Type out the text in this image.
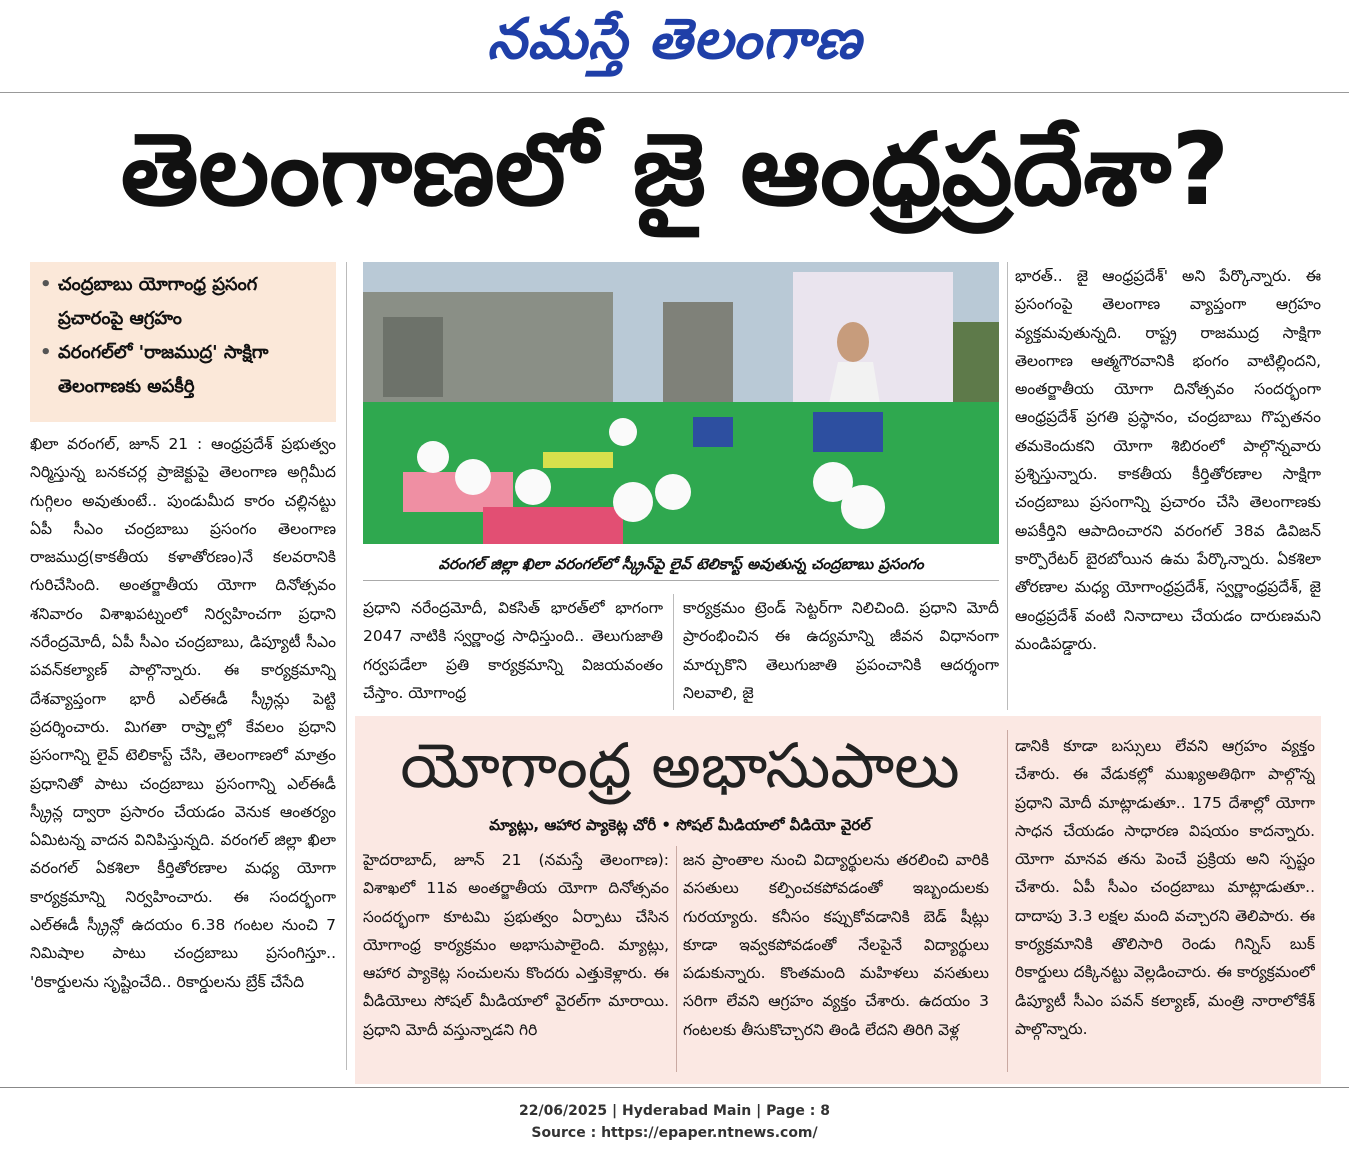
నమస్తే తెలంగాణ
తెలంగాణలో జై ఆంధ్రప్రదేశా?
• చంద్రబాబు యోగాంధ్ర ప్రసంగ ప్రచారంపై ఆగ్రహం
• వరంగల్‌లో 'రాజముద్ర' సాక్షిగా తెలంగాణకు అపకీర్తి
ఖిలా వరంగల్, జూన్ 21 : ఆంధ్రప్రదేశ్ ప్రభుత్వం నిర్మిస్తున్న బనకచర్ల ప్రాజెక్టుపై తెలంగాణ అగ్గిమీద గుగ్గిలం అవుతుంటే.. పుండుమీద కారం చల్లినట్టు ఏపీ సీఎం చంద్రబాబు ప్రసంగం తెలంగాణ రాజముద్ర(కాకతీయ కళాతోరణం)నే కలవరానికి గురిచేసింది. అంతర్జాతీయ యోగా దినోత్సవం శనివారం విశాఖపట్నంలో నిర్వహించగా ప్రధాని నరేంద్రమోదీ, ఏపీ సీఎం చంద్రబాబు, డిప్యూటీ సీఎం పవన్‌కల్యాణ్ పాల్గొన్నారు. ఈ కార్యక్రమాన్ని దేశవ్యాప్తంగా భారీ ఎల్ఈడీ స్క్రీన్లు పెట్టి ప్రదర్శించారు. మిగతా రాష్ర్టాల్లో కేవలం ప్రధాని ప్రసంగాన్ని లైవ్ టెలికాస్ట్ చేసి, తెలంగాణలో మాత్రం ప్రధానితో పాటు చంద్రబాబు ప్రసంగాన్ని ఎల్ఈడీ స్క్రీన్ల ద్వారా ప్రసారం చేయడం వెనుక ఆంతర్యం ఏమిటన్న వాదన వినిపిస్తున్నది. వరంగల్ జిల్లా ఖిలా వరంగల్ ఏకశిలా కీర్తితోరణాల మధ్య యోగా కార్యక్రమాన్ని నిర్వహించారు. ఈ సందర్భంగా ఎల్ఈడీ స్క్రీన్లో ఉదయం 6.38 గంటల నుంచి 7 నిమిషాల పాటు చంద్రబాబు ప్రసంగిస్తూ.. 'రికార్డులను సృష్టించేది.. రికార్డులను బ్రేక్ చేసేది
వరంగల్ జిల్లా ఖిలా వరంగల్‌లో స్క్రీన్‌పై లైవ్ టెలికాస్ట్ అవుతున్న చంద్రబాబు ప్రసంగం
ప్రధాని నరేంద్రమోదీ, వికసిత్ భారత్‌లో భాగంగా 2047 నాటికి స్వర్ణాంధ్ర సాధిస్తుంది.. తెలుగుజాతి గర్వపడేలా ప్రతి కార్యక్రమాన్ని విజయవంతం చేస్తాం. యోగాంధ్ర
కార్యక్రమం ట్రెండ్ సెట్టర్‌గా నిలిచింది. ప్రధాని మోదీ ప్రారంభించిన ఈ ఉద్యమాన్ని జీవన విధానంగా మార్చుకొని తెలుగుజాతి ప్రపంచానికి ఆదర్శంగా నిలవాలి, జై
భారత్.. జై ఆంధ్రప్రదేశ్' అని పేర్కొన్నారు. ఈ ప్రసంగంపై తెలంగాణ వ్యాప్తంగా ఆగ్రహం వ్యక్తమవుతున్నది. రాష్ట్ర రాజముద్ర సాక్షిగా తెలంగాణ ఆత్మగౌరవానికి భంగం వాటిల్లిందని, అంతర్జాతీయ యోగా దినోత్సవం సందర్భంగా ఆంధ్రప్రదేశ్ ప్రగతి ప్రస్థానం, చంద్రబాబు గొప్పతనం తమకెందుకని యోగా శిబిరంలో పాల్గొన్నవారు ప్రశ్నిస్తున్నారు. కాకతీయ కీర్తితోరణాల సాక్షిగా చంద్రబాబు ప్రసంగాన్ని ప్రచారం చేసి తెలంగాణకు అపకీర్తిని ఆపాదించారని వరంగల్ 38వ డివిజన్ కార్పొరేటర్ బైరబోయిన ఉమ పేర్కొన్నారు. ఏకశిలా తోరణాల మధ్య యోగాంధ్రప్రదేశ్, స్వర్ణాంధ్రప్రదేశ్, జై ఆంధ్రప్రదేశ్ వంటి నినాదాలు చేయడం దారుణమని మండిపడ్డారు.
యోగాంధ్ర అభాసుపాలు
మ్యాట్లు, ఆహార ప్యాకెట్ల చోరీ • సోషల్ మీడియాలో వీడియో వైరల్
హైదరాబాద్, జూన్ 21 (నమస్తే తెలంగాణ): విశాఖలో 11వ అంతర్జాతీయ యోగా దినోత్సవం సందర్భంగా కూటమి ప్రభుత్వం ఏర్పాటు చేసిన యోగాంధ్ర కార్యక్రమం అభాసుపాలైంది. మ్యాట్లు, ఆహార ప్యాకెట్ల సంచులను కొందరు ఎత్తుకెళ్లారు. ఈ వీడియోలు సోషల్ మీడియాలో వైరల్‌గా మారాయి. ప్రధాని మోదీ వస్తున్నాడని గిరి
జన ప్రాంతాల నుంచి విద్యార్థులను తరలించి వారికి వసతులు కల్పించకపోవడంతో ఇబ్బందులకు గురయ్యారు. కనీసం కప్పుకోవడానికి బెడ్ షీట్లు కూడా ఇవ్వకపోవడంతో నేలపైనే విద్యార్థులు పడుకున్నారు. కొంతమంది మహిళలు వసతులు సరిగా లేవని ఆగ్రహం వ్యక్తం చేశారు. ఉదయం 3 గంటలకు తీసుకొచ్చారని తిండి లేదని తిరిగి వెళ్ల
డానికి కూడా బస్సులు లేవని ఆగ్రహం వ్యక్తం చేశారు. ఈ వేడుకల్లో ముఖ్యఅతిథిగా పాల్గొన్న ప్రధాని మోదీ మాట్లాడుతూ.. 175 దేశాల్లో యోగా సాధన చేయడం సాధారణ విషయం కాదన్నారు. యోగా మానవ తను పెంచే ప్రక్రియ అని స్పష్టం చేశారు. ఏపీ సీఎం చంద్రబాబు మాట్లాడుతూ.. దాదాపు 3.3 లక్షల మంది వచ్చారని తెలిపారు. ఈ కార్యక్రమానికి తొలిసారి రెండు గిన్నిస్ బుక్ రికార్డులు దక్కినట్టు వెల్లడించారు. ఈ కార్యక్రమంలో డిప్యూటీ సీఎం పవన్ కల్యాణ్, మంత్రి నారాలోకేశ్ పాల్గొన్నారు.
22/06/2025 | Hyderabad Main | Page : 8
Source : https://epaper.ntnews.com/
